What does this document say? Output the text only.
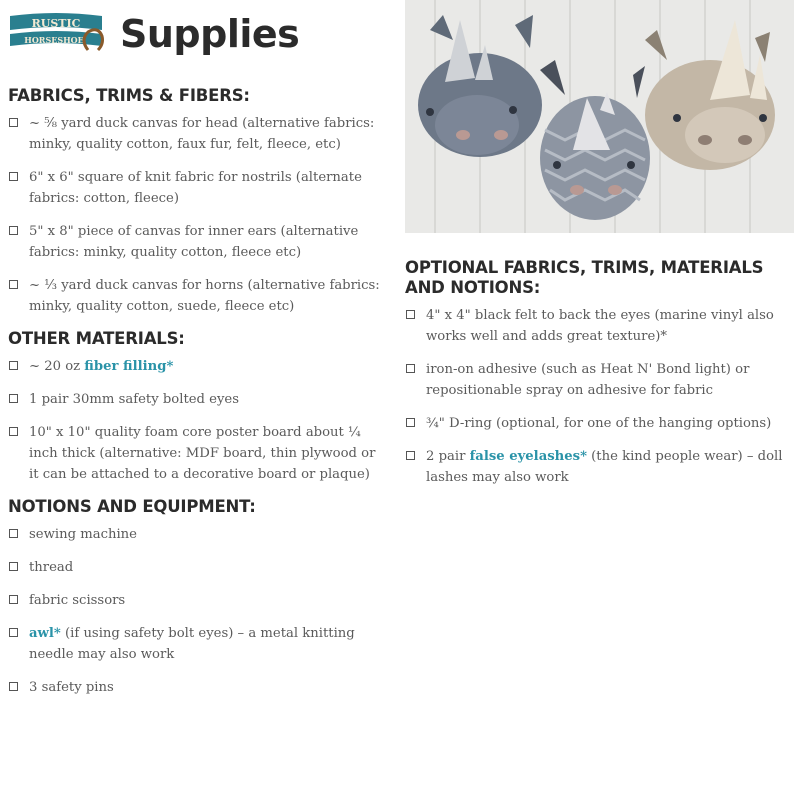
RUSTIC
HORSESHOE Supplies
FABRICS, TRIMS & FIBERS:
~ ⅝ yard duck canvas for head (alternative fabrics: minky, quality cotton, faux fur, felt, fleece, etc)
6" x 6" square of knit fabric for nostrils (alternate fabrics: cotton, fleece)
5" x 8" piece of canvas for inner ears (alternative fabrics: minky, quality cotton, fleece etc)
~ ⅓ yard duck canvas for horns (alternative fabrics: minky, quality cotton, suede, fleece etc)
OTHER MATERIALS:
~ 20 oz fiber filling*
1 pair 30mm safety bolted eyes
10" x 10" quality foam core poster board about ¼ inch thick (alternative: MDF board, thin plywood or it can be attached to a decorative board or plaque)
NOTIONS AND EQUIPMENT:
sewing machine
thread
fabric scissors
awl* (if using safety bolt eyes) – a metal knitting needle may also work
3 safety pins
OPTIONAL FABRICS, TRIMS, MATERIALS AND NOTIONS:
4" x 4" black felt to back the eyes (marine vinyl also works well and adds great texture)*
iron-on adhesive (such as Heat N' Bond light) or repositionable spray on adhesive for fabric
¾" D-ring (optional, for one of the hanging options)
2 pair false eyelashes* (the kind people wear) – doll lashes may also work
